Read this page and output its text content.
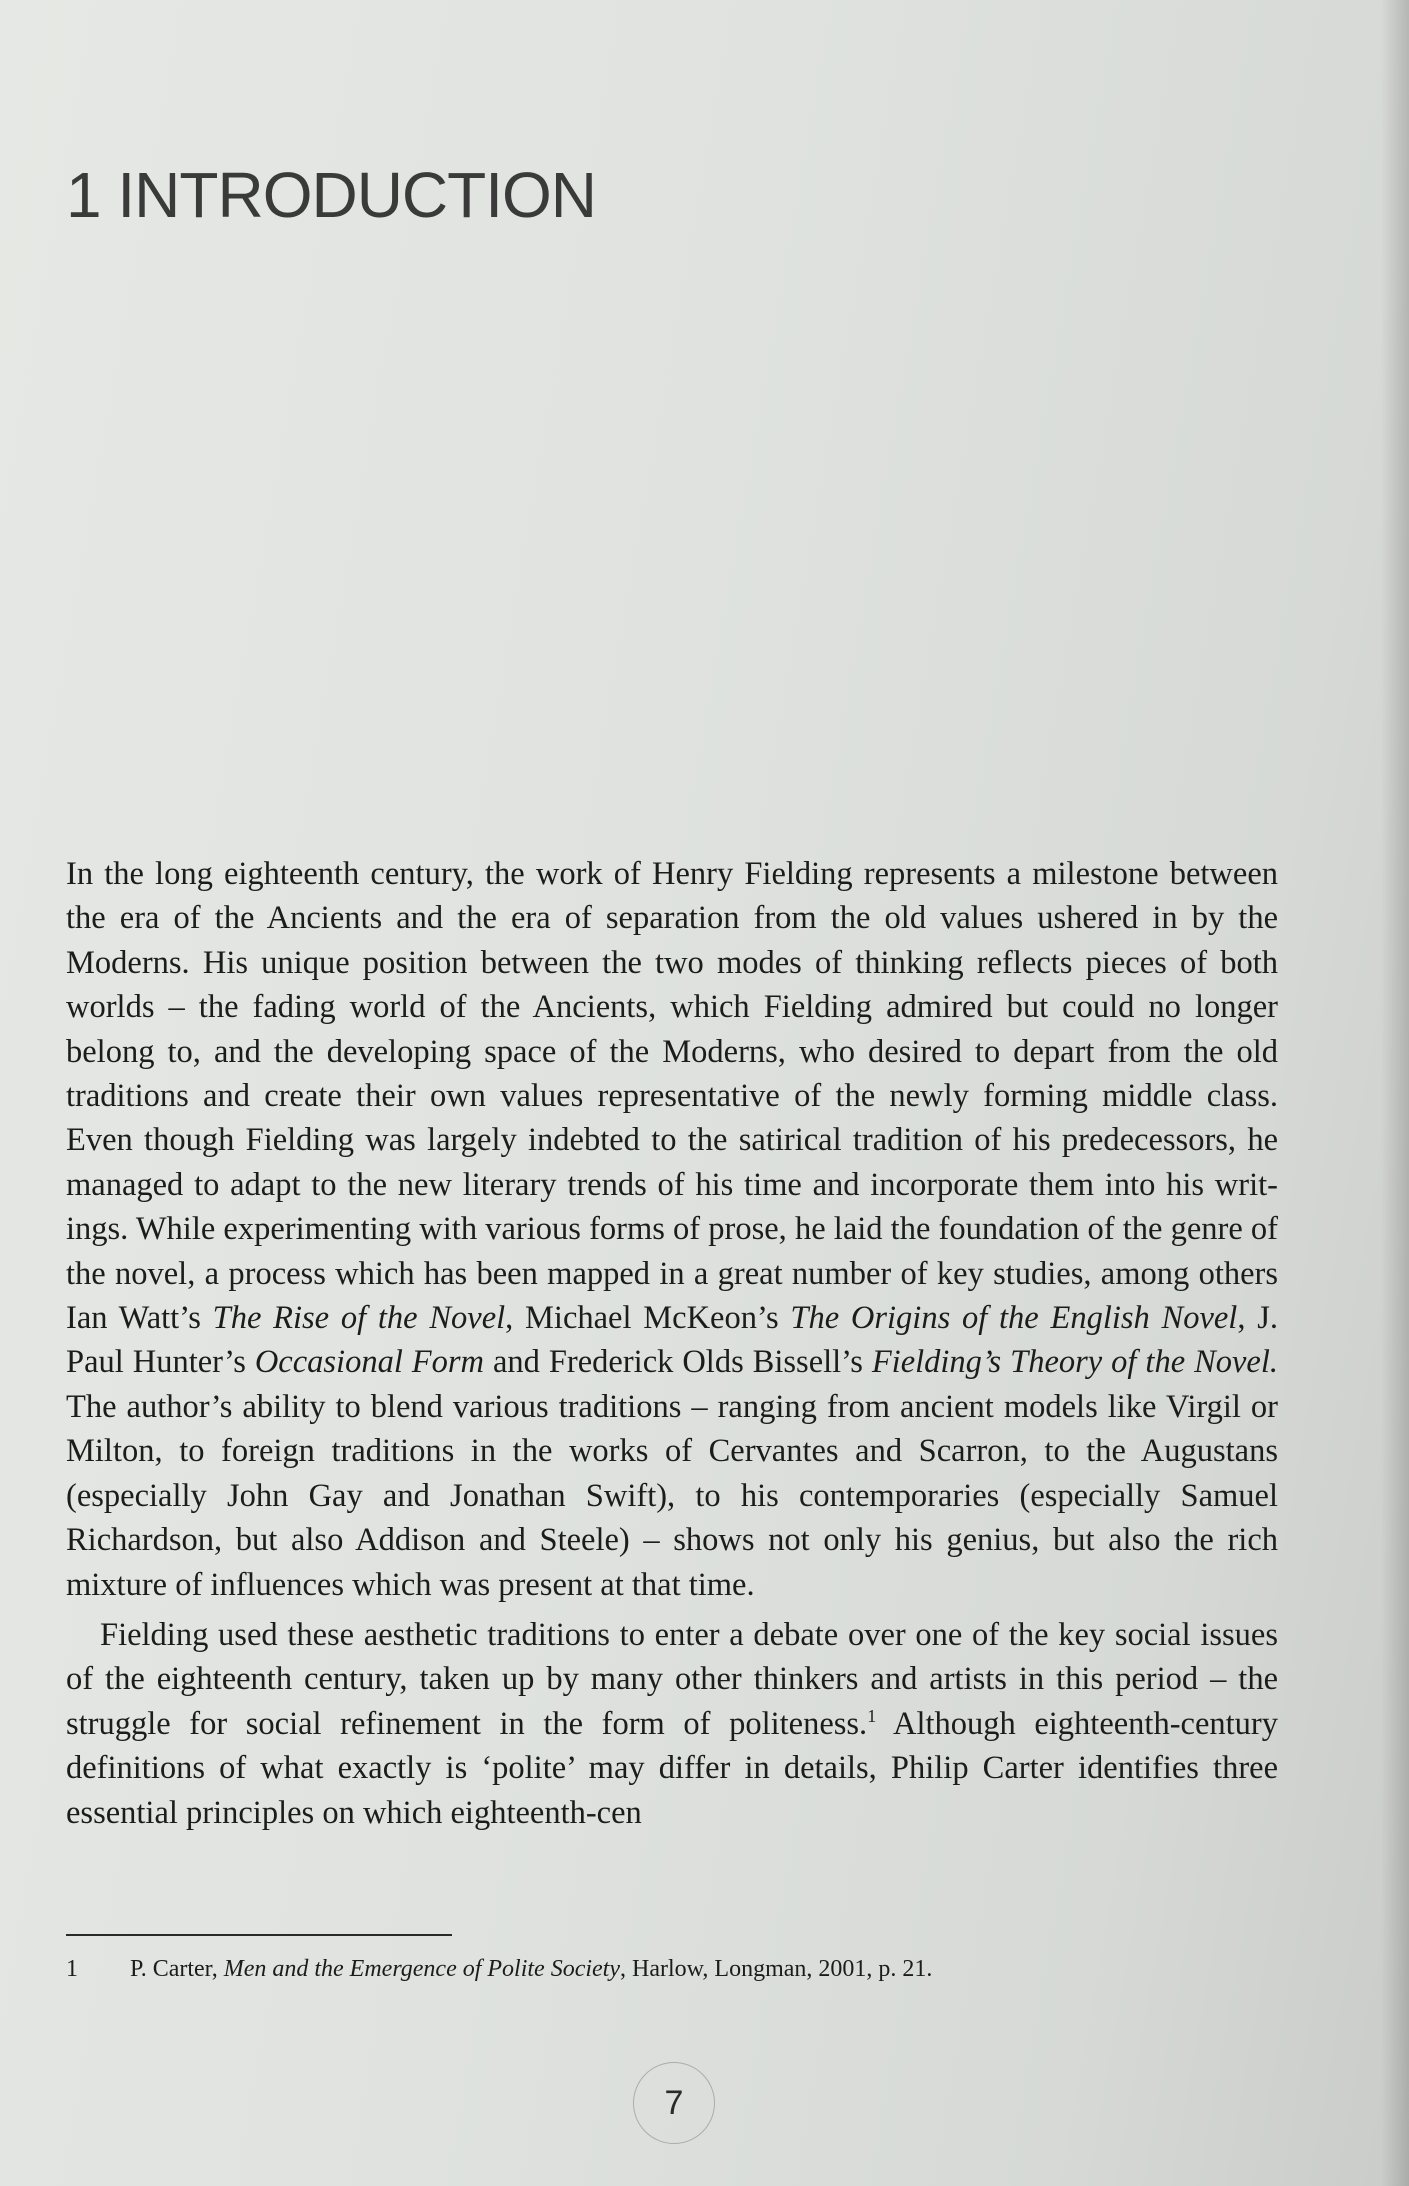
1 INTRODUCTION

In the long eighteenth century, the work of Henry Fielding represents a milestone between the era of the Ancients and the era of separation from the old values ushered in by the Moderns. His unique position between the two modes of thinking reflects pieces of both worlds – the fading world of the Ancients, which Fielding admired but could no longer belong to, and the developing space of the Moderns, who desired to depart from the old traditions and create their own values representative of the newly forming middle class. Even though Fielding was largely indebted to the satirical tradition of his predecessors, he managed to adapt to the new literary trends of his time and incorporate them into his writings. While experimenting with various forms of prose, he laid the foundation of the genre of the novel, a process which has been mapped in a great number of key studies, among others Ian Watt’s The Rise of the Novel, Michael McKeon’s The Origins of the English Novel, J. Paul Hunter’s Occasional Form and Frederick Olds Bissell’s Fielding’s Theory of the Novel. The author’s ability to blend various traditions – ranging from ancient models like Virgil or Milton, to foreign traditions in the works of Cervantes and Scarron, to the Augustans (especially John Gay and Jonathan Swift), to his contemporaries (especially Samuel Richardson, but also Addison and Steele) – shows not only his genius, but also the rich mixture of influences which was present at that time.

Fielding used these aesthetic traditions to enter a debate over one of the key social issues of the eighteenth century, taken up by many other thinkers and artists in this period – the struggle for social refinement in the form of politeness.$^1$ Although eighteenth-century definitions of what exactly is ‘polite’ may differ in details, Philip Carter identifies three essential principles on which eighteenth-cen

1 P. Carter, Men and the Emergence of Polite Society, Harlow, Longman, 2001, p. 21.
7
